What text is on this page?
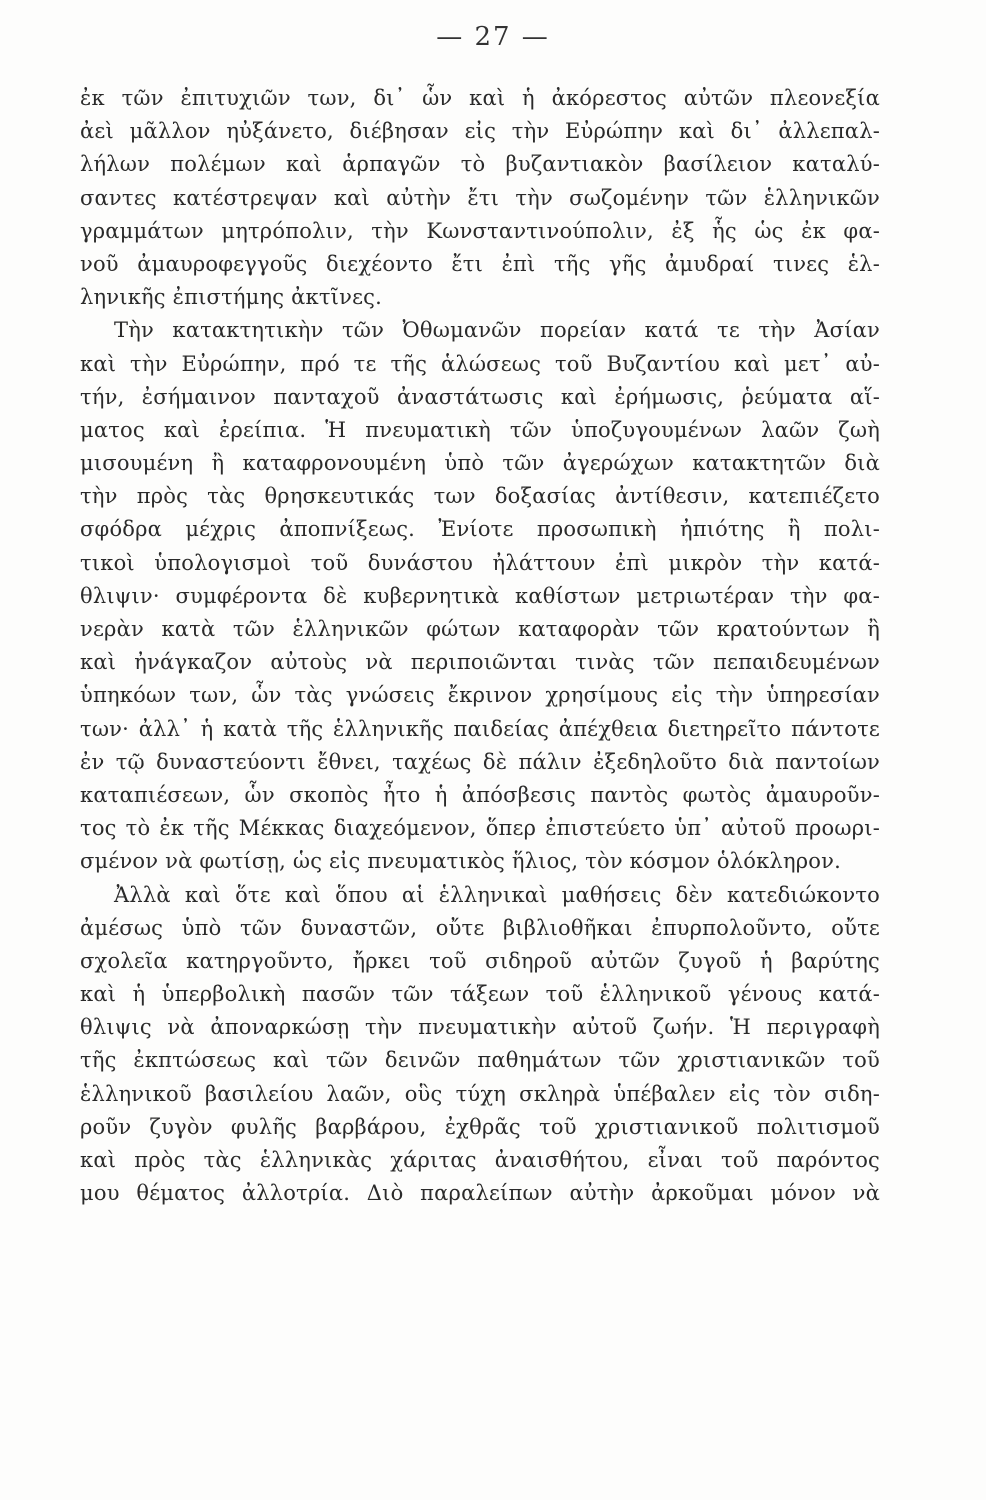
— 27 —
ἐκ τῶν ἐπιτυχιῶν των, δι᾽ ὧν καὶ ἡ ἀκόρεστος αὐτῶν πλεονεξία
ἀεὶ μᾶλλον ηὐξάνετο, διέβησαν εἰς τὴν Εὐρώπην καὶ δι᾽ ἀλλεπαλ-
λήλων πολέμων καὶ ἁρπαγῶν τὸ βυζαντιακὸν βασίλειον καταλύ-
σαντες κατέστρεψαν καὶ αὐτὴν ἔτι τὴν σωζομένην τῶν ἑλληνικῶν
γραμμάτων μητρόπολιν, τὴν Κωνσταντινούπολιν, ἐξ ἧς ὡς ἐκ φα-
νοῦ ἀμαυροφεγγοῦς διεχέοντο ἔτι ἐπὶ τῆς γῆς ἀμυδραί τινες ἑλ-
ληνικῆς ἐπιστήμης ἀκτῖνες.
Τὴν κατακτητικὴν τῶν Ὀθωμανῶν πορείαν κατά τε τὴν Ἀσίαν
καὶ τὴν Εὐρώπην, πρό τε τῆς ἁλώσεως τοῦ Βυζαντίου καὶ μετ᾽ αὐ-
τήν, ἐσήμαινον πανταχοῦ ἀναστάτωσις καὶ ἐρήμωσις, ῥεύματα αἵ-
ματος καὶ ἐρείπια. Ἡ πνευματικὴ τῶν ὑποζυγουμένων λαῶν ζωὴ
μισουμένη ἢ καταφρονουμένη ὑπὸ τῶν ἀγερώχων κατακτητῶν διὰ
τὴν πρὸς τὰς θρησκευτικάς των δοξασίας ἀντίθεσιν, κατεπιέζετο
σφόδρα μέχρις ἀποπνίξεως. Ἐνίοτε προσωπικὴ ἠπιότης ἢ πολι-
τικοὶ ὑπολογισμοὶ τοῦ δυνάστου ἠλάττουν ἐπὶ μικρὸν τὴν κατά-
θλιψιν· συμφέροντα δὲ κυβερνητικὰ καθίστων μετριωτέραν τὴν φα-
νερὰν κατὰ τῶν ἑλληνικῶν φώτων καταφορὰν τῶν κρατούντων ἢ
καὶ ἠνάγκαζον αὐτοὺς νὰ περιποιῶνται τινὰς τῶν πεπαιδευμένων
ὑπηκόων των, ὧν τὰς γνώσεις ἔκρινον χρησίμους εἰς τὴν ὑπηρεσίαν
των· ἀλλ᾽ ἡ κατὰ τῆς ἑλληνικῆς παιδείας ἀπέχθεια διετηρεῖτο πάντοτε
ἐν τῷ δυναστεύοντι ἔθνει, ταχέως δὲ πάλιν ἐξεδηλοῦτο διὰ παντοίων
καταπιέσεων, ὧν σκοπὸς ἦτο ἡ ἀπόσβεσις παντὸς φωτὸς ἀμαυροῦν-
τος τὸ ἐκ τῆς Μέκκας διαχεόμενον, ὅπερ ἐπιστεύετο ὑπ᾽ αὐτοῦ προωρι-
σμένον νὰ φωτίσῃ, ὡς εἰς πνευματικὸς ἥλιος, τὸν κόσμον ὁλόκληρον.
Ἀλλὰ καὶ ὅτε καὶ ὅπου αἱ ἑλληνικαὶ μαθήσεις δὲν κατεδιώκοντο
ἀμέσως ὑπὸ τῶν δυναστῶν, οὔτε βιβλιοθῆκαι ἐπυρπολοῦντο, οὔτε
σχολεῖα κατηργοῦντο, ἤρκει τοῦ σιδηροῦ αὐτῶν ζυγοῦ ἡ βαρύτης
καὶ ἡ ὑπερβολικὴ πασῶν τῶν τάξεων τοῦ ἑλληνικοῦ γένους κατά-
θλιψις νὰ ἀποναρκώσῃ τὴν πνευματικὴν αὐτοῦ ζωήν. Ἡ περιγραφὴ
τῆς ἐκπτώσεως καὶ τῶν δεινῶν παθημάτων τῶν χριστιανικῶν τοῦ
ἑλληνικοῦ βασιλείου λαῶν, οὓς τύχη σκληρὰ ὑπέβαλεν εἰς τὸν σιδη-
ροῦν ζυγὸν φυλῆς βαρβάρου, ἐχθρᾶς τοῦ χριστιανικοῦ πολιτισμοῦ
καὶ πρὸς τὰς ἑλληνικὰς χάριτας ἀναισθήτου, εἶναι τοῦ παρόντος
μου θέματος ἀλλοτρία. Διὸ παραλείπων αὐτὴν ἀρκοῦμαι μόνον νὰ
